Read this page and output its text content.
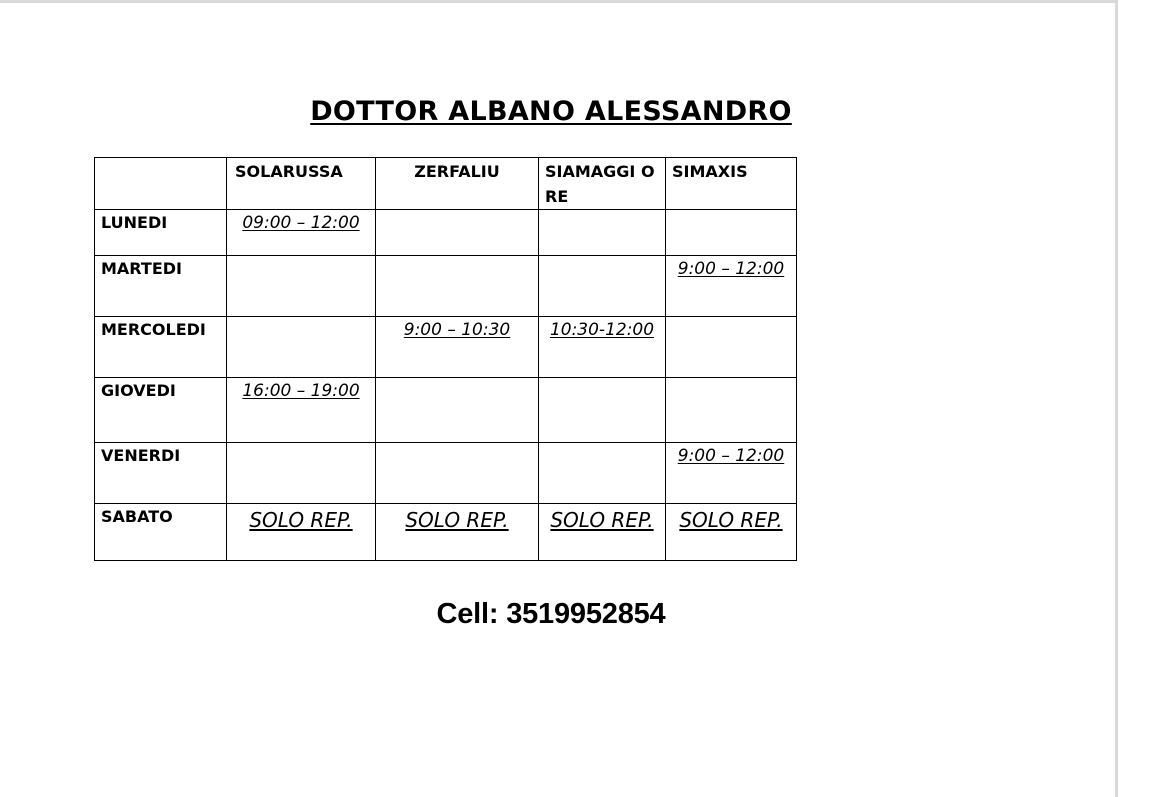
DOTTOR ALBANO ALESSANDRO
	SOLARUSSA	ZERFALIU	SIAMAGGI ORE	SIMAXIS
LUNEDI	09:00 – 12:00			
MARTEDI				9:00 – 12:00
MERCOLEDI		9:00 – 10:30	10:30-12:00	
GIOVEDI	16:00 – 19:00			
VENERDI				9:00 – 12:00
SABATO	SOLO REP.	SOLO REP.	SOLO REP.	SOLO REP.
Cell: 3519952854
